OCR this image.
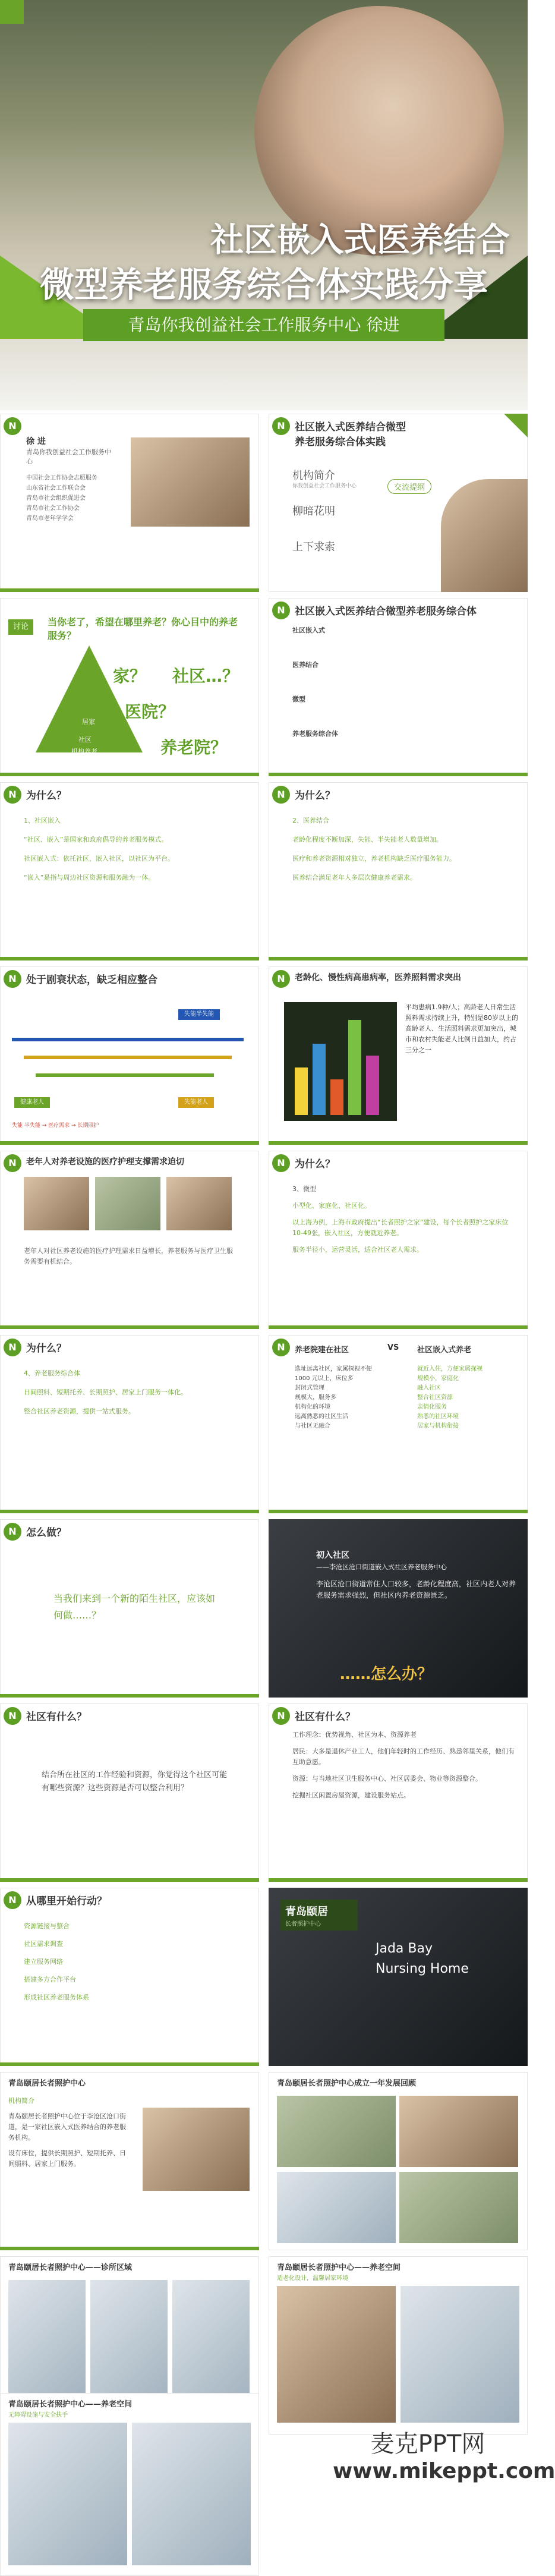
社区嵌入式医养结合
微型养老服务综合体实践分享
青岛你我创益社会工作服务中心 徐进
N
徐 进
青岛你我创益社会工作服务中心
中国社会工作协会志愿服务
山东省社会工作联合会
青岛市社会组织促进会
青岛市社会工作协会
青岛市老年学学会
N 社区嵌入式医养结合微型养老服务综合体实践
机构简介
你我创益社会工作服务中心
柳暗花明
上下求索
交流提纲
讨论	当你老了，希望在哪里养老？你心目中的养老服务？
居家
社区
机构养老
家？ 社区…？
医院？
养老院？
N 社区嵌入式医养结合微型养老服务综合体
社区嵌入式
医养结合
微型
养老服务综合体
N 为什么？
1、社区嵌入
“社区、嵌入”是国家和政府倡导的养老服务模式。
社区嵌入式：依托社区，嵌入社区，以社区为平台。
“嵌入”是指与周边社区资源和服务融为一体。
N 为什么？
2、医养结合
老龄化程度不断加深，失能、半失能老人数量增加。
医疗和养老资源相对独立，养老机构缺乏医疗服务能力。
医养结合满足老年人多层次健康养老需求。
N 处于剧衰状态，缺乏相应整合
失能半失能
健康老人	失能老人
失能 半失能 → 医疗需求 → 长期照护
N	老龄化、慢性病高患病率，医养照料需求突出
平均患病1.9种/人；高龄老人日常生活照料需求持续上升，特别是80岁以上的高龄老人、生活照料需求更加突出，城市和农村失能老人比例日益加大，约占三分之一
N	老年人对养老设施的医疗护理支撑需求迫切
老年人对社区养老设施的医疗护理需求日益增长，养老服务与医疗卫生服务需要有机结合。
N 为什么？
3、微型
小型化、家庭化、社区化。
以上海为例，上海市政府提出“长者照护之家”建设，每个长者照护之家床位10-49张，嵌入社区，方便就近养老。
服务半径小，运营灵活，适合社区老人需求。
N 为什么？
4、养老服务综合体
日间照料、短期托养、长期照护、居家上门服务一体化。
整合社区养老资源，提供一站式服务。
N	养老院建在社区	VS 社区嵌入式养老
选址远离社区，家属探视不便
1000 元以上，床位多
封闭式管理
规模大，服务多
机构化的环境
远离熟悉的社区生活
与社区无融合
就近入住，方便家属探视
规模小，家庭化
融入社区
整合社区资源
亲情化服务
熟悉的社区环境
居家与机构衔接
N 怎么做？
当我们来到一个新的陌生社区，应该如何做……？
初入社区
——李沧区沧口街道嵌入式社区养老服务中心
李沧区沧口街道常住人口较多，老龄化程度高，社区内老人对养老服务需求强烈，但社区内养老资源匮乏。
……怎么办？
N 社区有什么？
结合所在社区的工作经验和资源，你觉得这个社区可能有哪些资源？这些资源是否可以整合利用？
N 社区有什么？
工作理念：优势视角、社区为本、资源养老
居民：大多是退休产业工人，他们年轻时的工作经历、熟悉邻里关系，他们有互助意愿。
资源：与当地社区卫生服务中心、社区居委会、物业等资源整合。
挖掘社区闲置房屋资源，建设服务站点。
N 从哪里开始行动？
资源链接与整合
社区需求调查
建立服务网络
搭建多方合作平台
形成社区养老服务体系
青岛颐居
长者照护中心
Jada Bay
Nursing Home
青岛颐居长者照护中心
机构简介
青岛颐居长者照护中心位于李沧区沧口街道，是一家社区嵌入式医养结合的养老服务机构。
设有床位，提供长期照护、短期托养、日间照料、居家上门服务。
青岛颐居长者照护中心成立一年发展回顾
青岛颐居长者照护中心——诊所区域	青岛颐居长者照护中心——养老空间
适老化设计，温馨居家环境
青岛颐居长者照护中心——养老空间
无障碍设施与安全扶手
麦克PPT网
www.mikeppt.com
